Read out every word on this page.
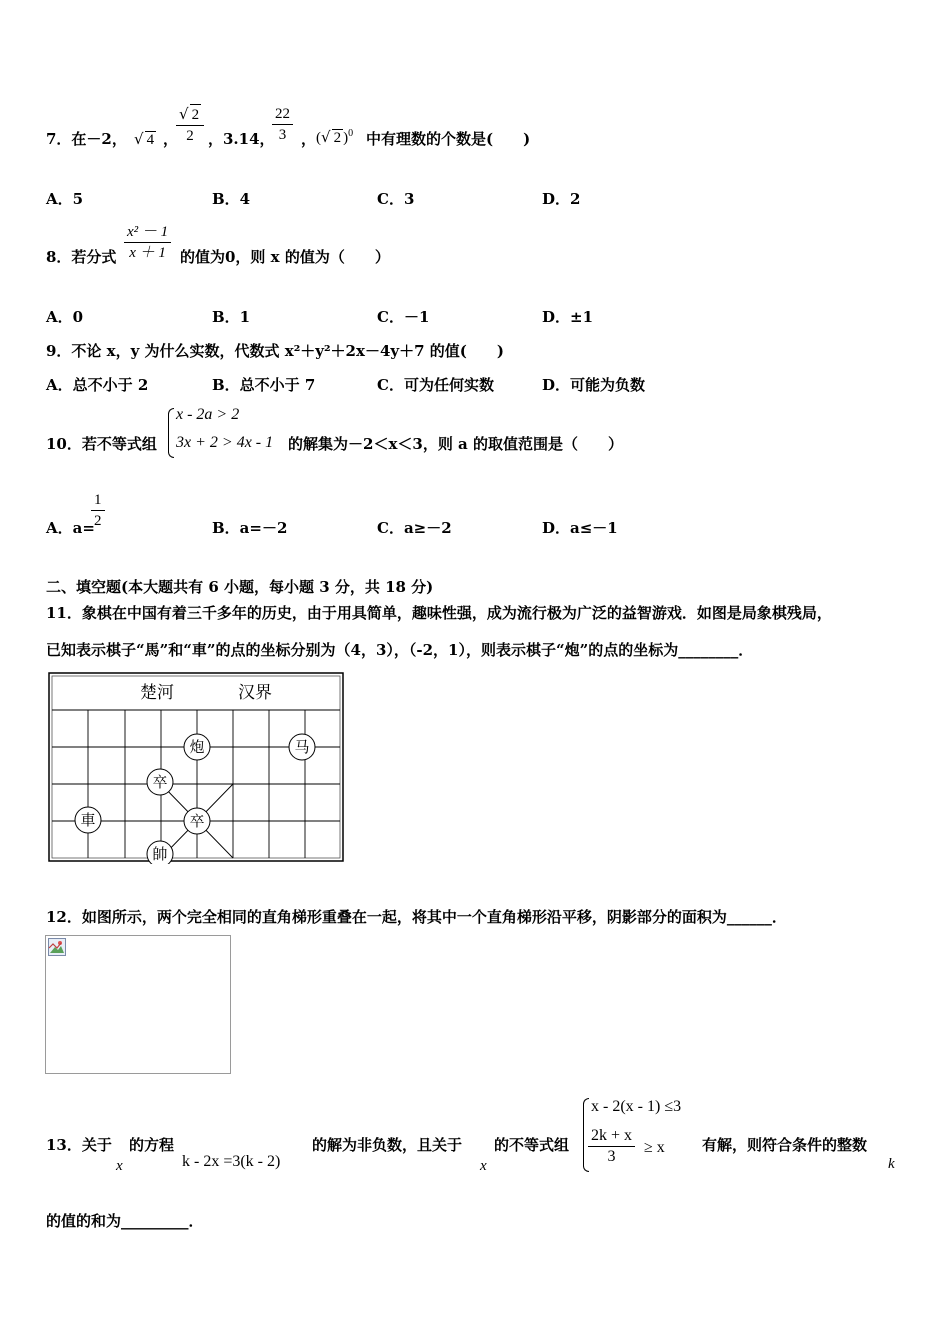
7．在－2， √ 4 ，
$\frac{√ 2}{2}$ ，3.14，
$\frac{22}{3}$ ， (√ 2 )$^0$ 中有理数的个数是(　　)
A．5	B．4	C．3	D．2
8．若分式 $\frac{\text{x² － 1}}{x + 1}$ 的值为0，则 x 的值为（　　）
A．0	B．1	C．－1	D．±1
9．不论 x，y 为什么实数，代数式 x²＋y²＋2x－4y＋7 的值(　　)
A．总不小于 2	B．总不小于 7	C．可为任何实数	D．可能为负数
10．若不等式组
x - 2a > 2
3x + 2 > 4x - 1 的解集为－2＜x＜3，则 a 的取值范围是（　　）
A．a=
$\frac{1}{2}$	B．a=－2	C．a≥－2	D．a≤－1
二、填空题(本大题共有 6 小题，每小题 3 分，共 18 分)
11．象棋在中国有着三千多年的历史，由于用具简单，趣味性强，成为流行极为广泛的益智游戏．如图是局象棋残局，
已知表示棋子“馬”和“車”的点的坐标分别为（4，3），（-2，1），则表示棋子“炮”的点的坐标为________．
楚河	汉界
炮	马
卒
車	卒
帥
12．如图所示，两个完全相同的直角梯形重叠在一起，将其中一个直角梯形沿平移，阴影部分的面积为______．
13．关于
x
的方程
k - 2x =3(k - 2)
的解为非负数，且关于
x
的不等式组
x - 2(x - 1) ≤3
$\frac{2k + x}{3} \ge x$ 有解，则符合条件的整数
k
的值的和为_________．
